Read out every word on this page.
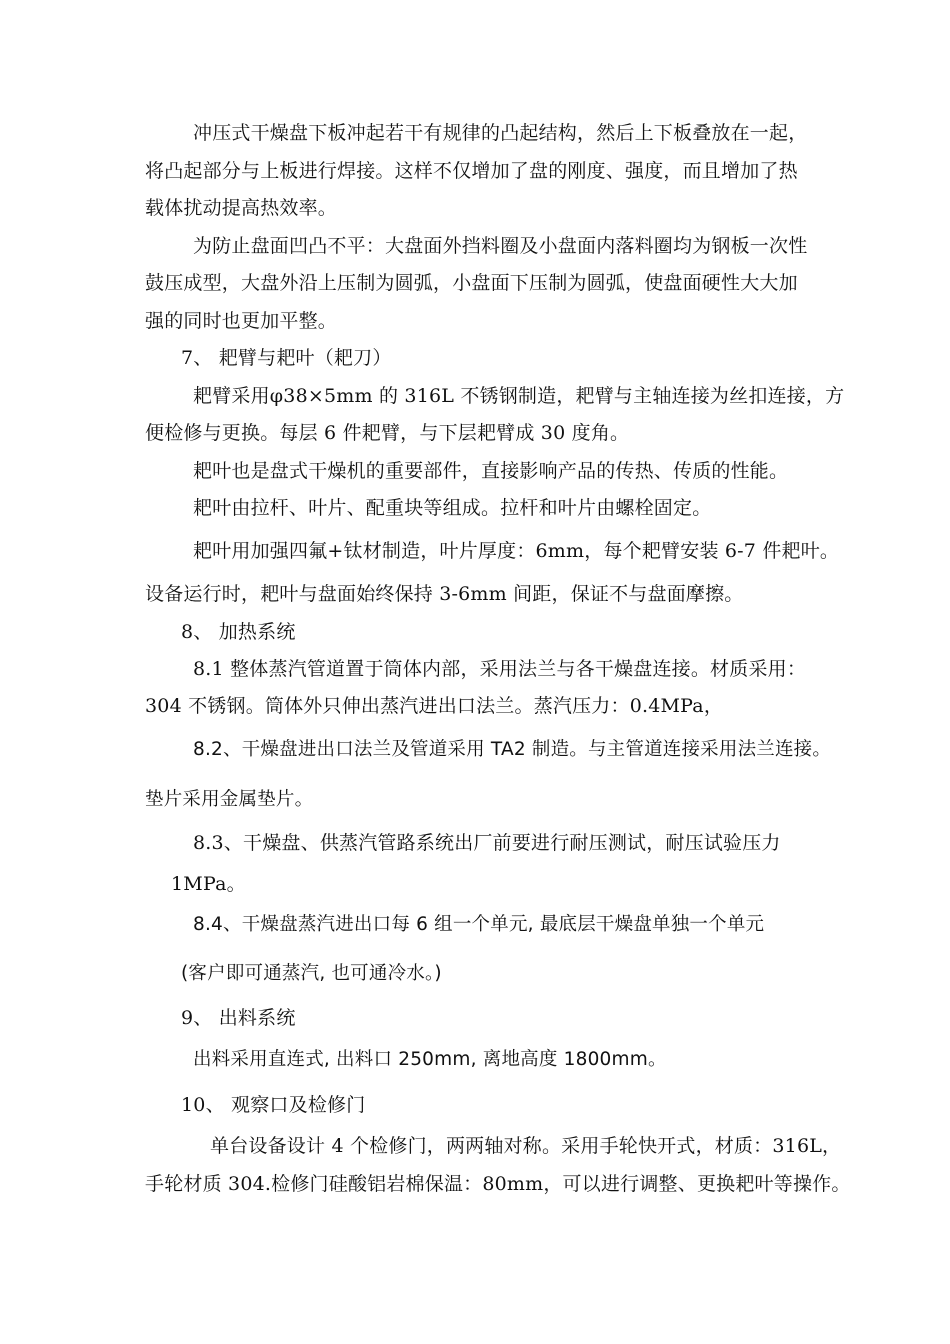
冲压式干燥盘下板冲起若干有规律的凸起结构，然后上下板叠放在一起，
将凸起部分与上板进行焊接。这样不仅增加了盘的刚度、强度，而且增加了热
载体扰动提高热效率。
为防止盘面凹凸不平：大盘面外挡料圈及小盘面内落料圈均为钢板一次性
鼓压成型，大盘外沿上压制为圆弧，小盘面下压制为圆弧，使盘面硬性大大加
强的同时也更加平整。
7、 耙臂与耙叶（耙刀）
耙臂采用φ38×5mm 的 316L 不锈钢制造，耙臂与主轴连接为丝扣连接，方
便检修与更换。每层 6 件耙臂，与下层耙臂成 30 度角。
耙叶也是盘式干燥机的重要部件，直接影响产品的传热、传质的性能。
耙叶由拉杆、叶片、配重块等组成。拉杆和叶片由螺栓固定。
耙叶用加强四氟+钛材制造，叶片厚度：6mm，每个耙臂安装 6-7 件耙叶。
设备运行时，耙叶与盘面始终保持 3-6mm 间距，保证不与盘面摩擦。
8、 加热系统
8.1 整体蒸汽管道置于筒体内部，采用法兰与各干燥盘连接。材质采用：
304 不锈钢。筒体外只伸出蒸汽进出口法兰。蒸汽压力：0.4MPa，
8.2、干燥盘进出口法兰及管道采用 TA2 制造。与主管道连接采用法兰连接。
垫片采用金属垫片。
8.3、干燥盘、供蒸汽管路系统出厂前要进行耐压测试，耐压试验压力
1MPa。
8.4、干燥盘蒸汽进出口每 6 组一个单元, 最底层干燥盘单独一个单元
(客户即可通蒸汽, 也可通冷水。)
9、 出料系统
出料采用直连式, 出料口 250mm, 离地高度 1800mm。
10、 观察口及检修门
单台设备设计 4 个检修门，两两轴对称。采用手轮快开式，材质：316L，
手轮材质 304.检修门硅酸铝岩棉保温：80mm，可以进行调整、更换耙叶等操作。
